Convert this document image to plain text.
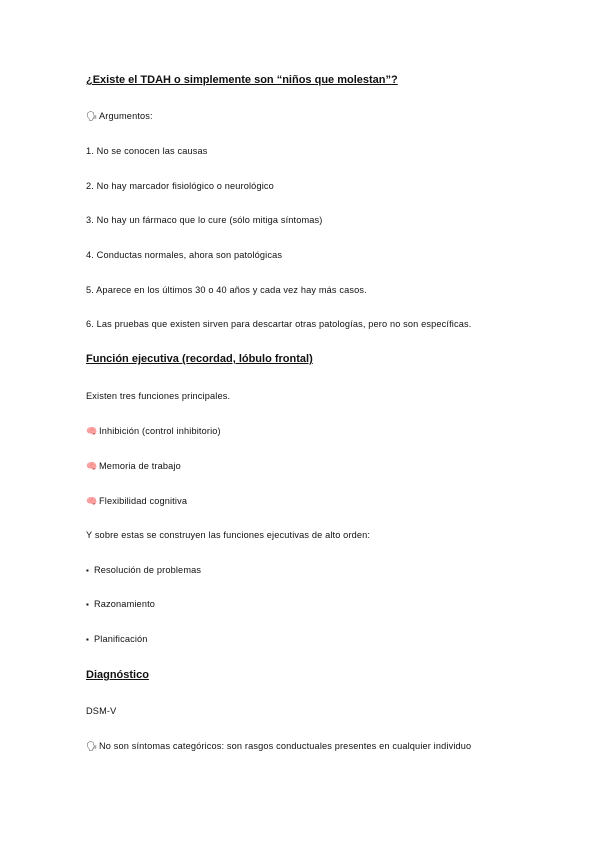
¿Existe el TDAH o simplemente son “niños que molestan”?
🗣Argumentos:
1. No se conocen las causas
2. No hay marcador fisiológico o neurológico
3. No hay un fármaco que lo cure (sólo mitiga síntomas)
4. Conductas normales, ahora son patológicas
5. Aparece en los últimos 30 o 40 años y cada vez hay más casos.
6. Las pruebas que existen sirven para descartar otras patologías, pero no son específicas.
Función ejecutiva (recordad, lóbulo frontal)
Existen tres funciones principales.
🧠 Inhibición (control inhibitorio)
🧠 Memoria de trabajo
🧠 Flexibilidad cognitiva
Y sobre estas se construyen las funciones ejecutivas de alto orden:
▪ Resolución de problemas
▪ Razonamiento
▪ Planificación
Diagnóstico
DSM-V
🗣No son síntomas categóricos: son rasgos conductuales presentes en cualquier individuo
